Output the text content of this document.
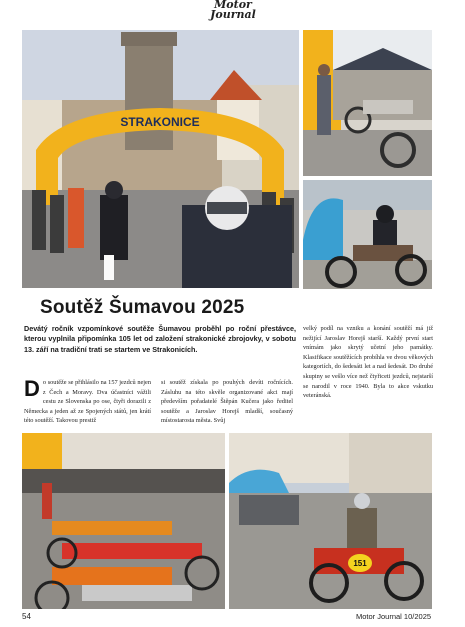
Motor
Journal
STRAKONICE
Soutěž Šumavou 2025
Devátý ročník vzpomínkové soutěže Šumavou proběhl po roční přestávce, kterou vyplnila připomínka 105 let od založení strakonické zbrojovky, v sobotu 13. září na tradiční trati se startem ve Strakonicích.
Do soutěže se přihlásilo na 157 jezdců nejen z Čech a Moravy. Dva účastníci vážili cestu ze Slovenska po ose, čtyři dorazili z Německa a jeden až ze Spojených států, jen krátí této soutěží. Takovou prestiž
si soutěž získala po pouhých devíti ročnících. Zásluhu na této skvěle organizované akci mají především pořadatelé Štěpán Kučera jako ředitel soutěže a Jaroslav Horejš mladší, současný místostarosta města. Svůj
velký podíl na vzniku a konání soutěží má již nežijící Jaroslav Horejš starší. Každý první start vnímám jako skrytý učetní jeho památky. Klasifikace soutěžících probíhla ve dvou věkových kategoriích, do šedesáti let a nad šedesát. Do druhé skupiny se vešlo více než čtyřiceti jezdců, nejstarší se narodil v roce 1940. Byla to akce vskutku veteránská.
151
54	Motor Journal 10/2025
